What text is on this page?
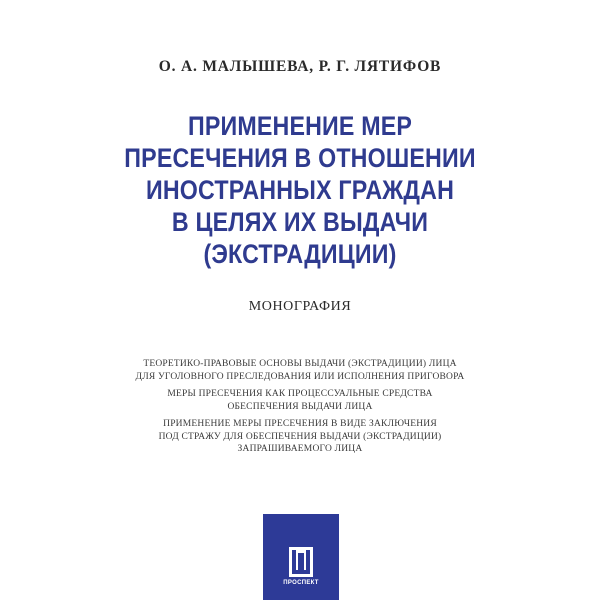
О. А. МАЛЫШЕВА, Р. Г. ЛЯТИФОВ
ПРИМЕНЕНИЕ МЕР
ПРЕСЕЧЕНИЯ В ОТНОШЕНИИ
ИНОСТРАННЫХ ГРАЖДАН
В ЦЕЛЯХ ИХ ВЫДАЧИ
(ЭКСТРАДИЦИИ)
МОНОГРАФИЯ
ТЕОРЕТИКО-ПРАВОВЫЕ ОСНОВЫ ВЫДАЧИ (ЭКСТРАДИЦИИ) ЛИЦА
ДЛЯ УГОЛОВНОГО ПРЕСЛЕДОВАНИЯ ИЛИ ИСПОЛНЕНИЯ ПРИГОВОРА
МЕРЫ ПРЕСЕЧЕНИЯ КАК ПРОЦЕССУАЛЬНЫЕ СРЕДСТВА
ОБЕСПЕЧЕНИЯ ВЫДАЧИ ЛИЦА
ПРИМЕНЕНИЕ МЕРЫ ПРЕСЕЧЕНИЯ В ВИДЕ ЗАКЛЮЧЕНИЯ
ПОД СТРАЖУ ДЛЯ ОБЕСПЕЧЕНИЯ ВЫДАЧИ (ЭКСТРАДИЦИИ)
ЗАПРАШИВАЕМОГО ЛИЦА
ПРОСПЕКТ
